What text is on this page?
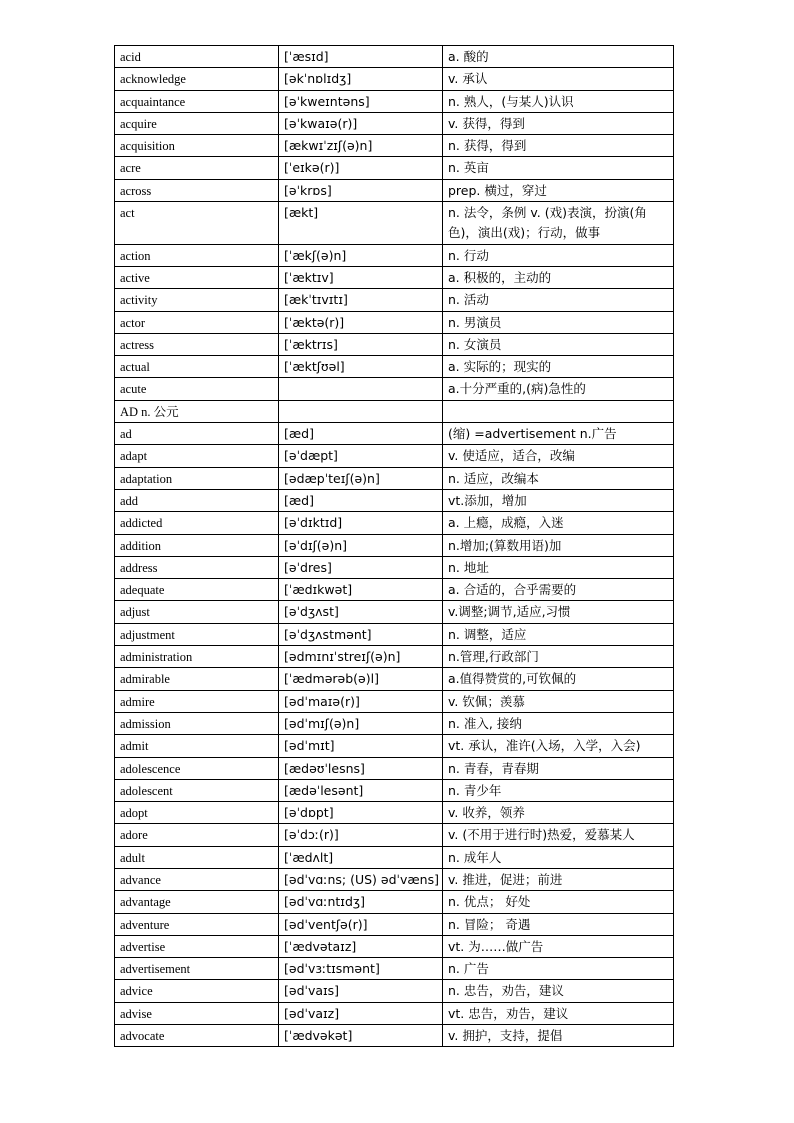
acid	[ˈæsɪd]	a. 酸的
acknowledge	[əkˈnɒlɪdʒ]	v. 承认
acquaintance	[əˈkweɪntəns]	n. 熟人，(与某人)认识
acquire	[əˈkwaɪə(r)]	v. 获得，得到
acquisition	[ækwɪˈzɪʃ(ə)n]	n. 获得，得到
acre	[ˈeɪkə(r)]	n. 英亩
across	[əˈkrɒs]	prep. 横过，穿过
act	[ækt]	n. 法令，条例 v. (戏)表演，扮演(角色)，演出(戏)；行动，做事
action	[ˈækʃ(ə)n]	n. 行动
active	[ˈæktɪv]	a. 积极的，主动的
activity	[ækˈtɪvɪtɪ]	n. 活动
actor	[ˈæktə(r)]	n. 男演员
actress	[ˈæktrɪs]	n. 女演员
actual	[ˈæktʃʊəl]	a. 实际的；现实的
acute		a.十分严重的,(病)急性的
AD n. 公元		
ad	[æd]	(缩) =advertisement n.广告
adapt	[əˈdæpt]	v. 使适应，适合，改编
adaptation	[ədæpˈteɪʃ(ə)n]	n. 适应，改编本
add	[æd]	vt.添加，增加
addicted	[əˈdɪktɪd]	a. 上瘾，成瘾，入迷
addition	[əˈdɪʃ(ə)n]	n.增加;(算数用语)加
address	[əˈdres]	n. 地址
adequate	[ˈædɪkwət]	a. 合适的，合乎需要的
adjust	[əˈdʒʌst]	v.调整;调节,适应,习惯
adjustment	[əˈdʒʌstmənt]	n. 调整，适应
administration	[ədmɪnɪˈstreɪʃ(ə)n]	n.管理,行政部门
admirable	[ˈædmərəb(ə)l]	a.值得赞赏的,可钦佩的
admire	[ədˈmaɪə(r)]	v. 钦佩；羡慕
admission	[ədˈmɪʃ(ə)n]	n. 准入, 接纳
admit	[ədˈmɪt]	vt. 承认，准许(入场，入学，入会)
adolescence	[ædəʊˈlesns]	n. 青春，青春期
adolescent	[ædəˈlesənt]	n. 青少年
adopt	[əˈdɒpt]	v. 收养，领养
adore	[əˈdɔː(r)]	v. (不用于进行时)热爱，爱慕某人
adult	[ˈædʌlt]	n. 成年人
advance	[ədˈvɑːns; (US) ədˈvæns]	v. 推进，促进；前进
advantage	[ədˈvɑːntɪdʒ]	n. 优点； 好处
adventure	[ədˈventʃə(r)]	n. 冒险； 奇遇
advertise	[ˈædvətaɪz]	vt. 为……做广告
advertisement	[ədˈvɜːtɪsmənt]	n. 广告
advice	[ədˈvaɪs]	n. 忠告，劝告，建议
advise	[ədˈvaɪz]	vt. 忠告，劝告，建议
advocate	[ˈædvəkət]	v. 拥护，支持，提倡
